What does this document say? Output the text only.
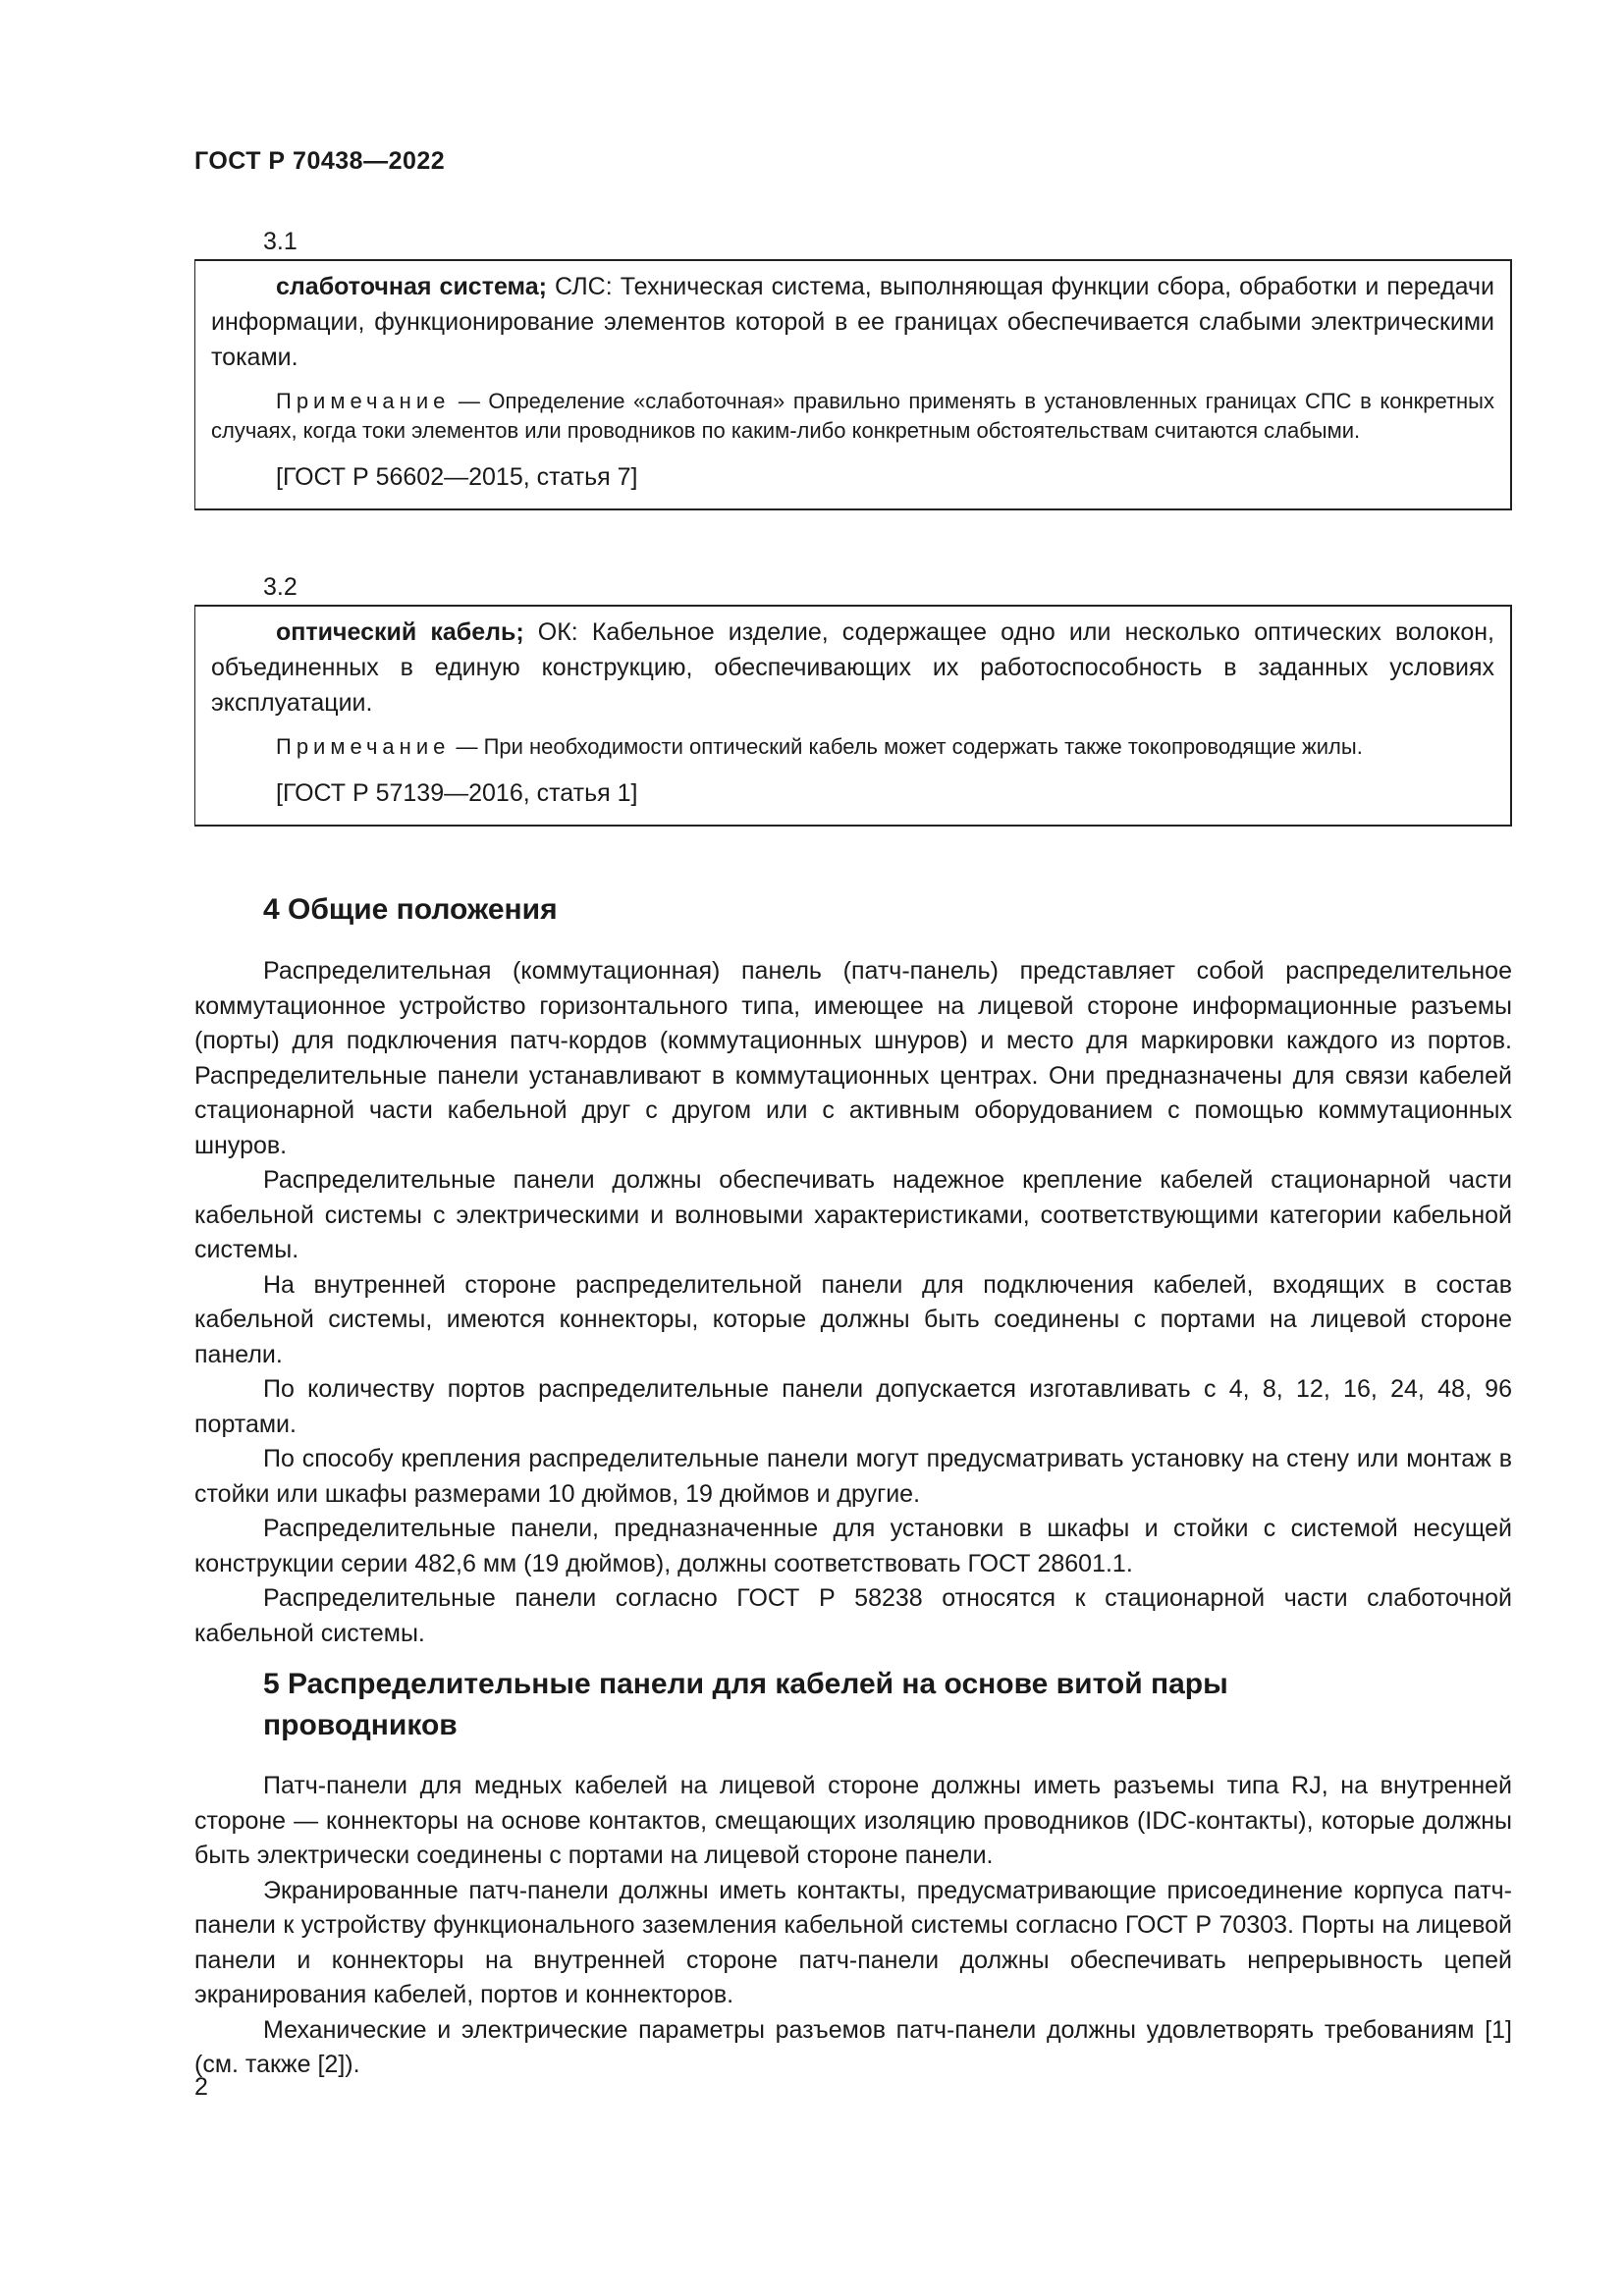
ГОСТ Р 70438—2022
3.1

слаботочная система; СЛС: Техническая система, выполняющая функции сбора, обработки и передачи информации, функционирование элементов которой в ее границах обеспечивается слабыми электрическими токами.

Примечание — Определение «слаботочная» правильно применять в установленных границах СПС в конкретных случаях, когда токи элементов или проводников по каким-либо конкретным обстоятельствам считаются слабыми.

[ГОСТ Р 56602—2015, статья 7]

3.2

оптический кабель; ОК: Кабельное изделие, содержащее одно или несколько оптических волокон, объединенных в единую конструкцию, обеспечивающих их работоспособность в заданных условиях эксплуатации.

Примечание — При необходимости оптический кабель может содержать также токопроводящие жилы.

[ГОСТ Р 57139—2016, статья 1]

4 Общие положения

Распределительная (коммутационная) панель (патч-панель) представляет собой распределительное коммутационное устройство горизонтального типа, имеющее на лицевой стороне информационные разъемы (порты) для подключения патч-кордов (коммутационных шнуров) и место для маркировки каждого из портов. Распределительные панели устанавливают в коммутационных центрах. Они предназначены для связи кабелей стационарной части кабельной друг с другом или с активным оборудованием с помощью коммутационных шнуров.

Распределительные панели должны обеспечивать надежное крепление кабелей стационарной части кабельной системы с электрическими и волновыми характеристиками, соответствующими категории кабельной системы.

На внутренней стороне распределительной панели для подключения кабелей, входящих в состав кабельной системы, имеются коннекторы, которые должны быть соединены с портами на лицевой стороне панели.

По количеству портов распределительные панели допускается изготавливать с 4, 8, 12, 16, 24, 48, 96 портами.

По способу крепления распределительные панели могут предусматривать установку на стену или монтаж в стойки или шкафы размерами 10 дюймов, 19 дюймов и другие.

Распределительные панели, предназначенные для установки в шкафы и стойки с системой несущей конструкции серии 482,6 мм (19 дюймов), должны соответствовать ГОСТ 28601.1.

Распределительные панели согласно ГОСТ Р 58238 относятся к стационарной части слаботочной кабельной системы.

5 Распределительные панели для кабелей на основе витой пары проводников

Патч-панели для медных кабелей на лицевой стороне должны иметь разъемы типа RJ, на внутренней стороне — коннекторы на основе контактов, смещающих изоляцию проводников (IDC-контакты), которые должны быть электрически соединены с портами на лицевой стороне панели.

Экранированные патч-панели должны иметь контакты, предусматривающие присоединение корпуса патч-панели к устройству функционального заземления кабельной системы согласно ГОСТ Р 70303. Порты на лицевой панели и коннекторы на внутренней стороне патч-панели должны обеспечивать непрерывность цепей экранирования кабелей, портов и коннекторов.

Механические и электрические параметры разъемов патч-панели должны удовлетворять требованиям [1] (см. также [2]).

2
